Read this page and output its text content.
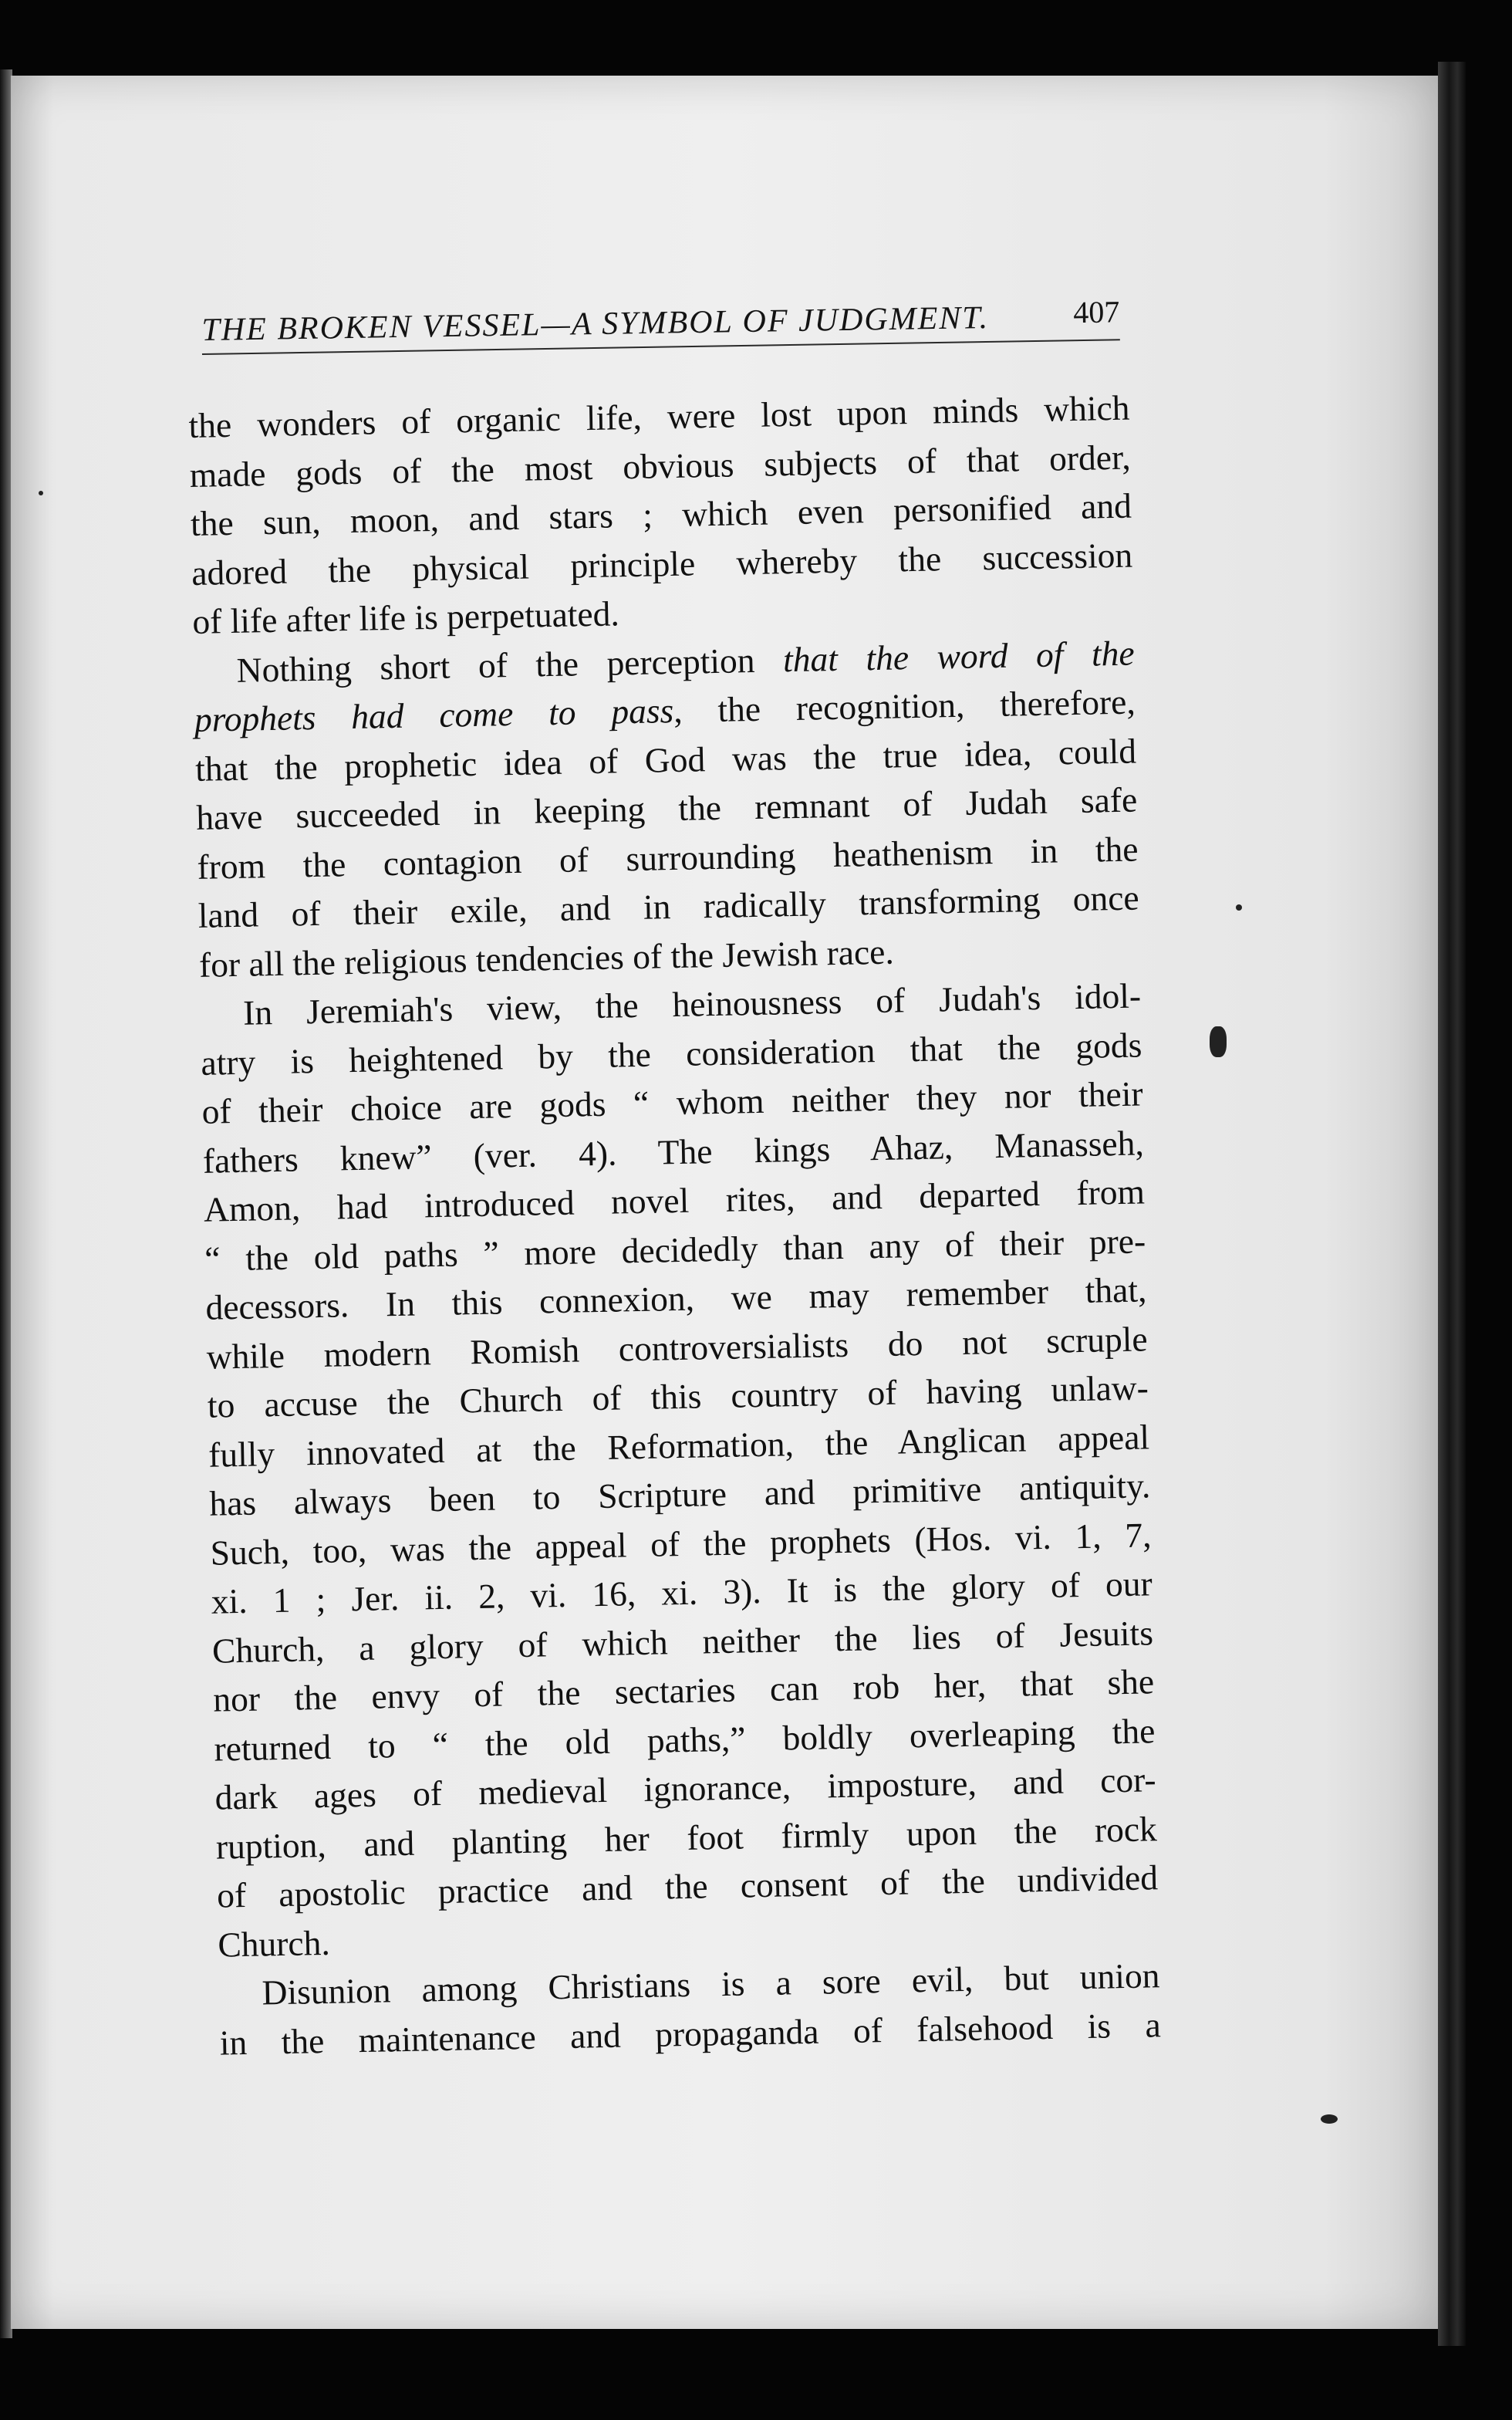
THE BROKEN VESSEL—A SYMBOL OF JUDGMENT.	407

the wonders of organic life, were lost upon minds which
made gods of the most obvious subjects of that order,
the sun, moon, and stars ; which even personified and
adored the physical principle whereby the succession
of life after life is perpetuated.

Nothing short of the perception that the word of the
prophets had come to pass, the recognition, therefore,
that the prophetic idea of God was the true idea, could
have succeeded in keeping the remnant of Judah safe
from the contagion of surrounding heathenism in the
land of their exile, and in radically transforming once
for all the religious tendencies of the Jewish race.

In Jeremiah's view, the heinousness of Judah's idol-
atry is heightened by the consideration that the gods
of their choice are gods “ whom neither they nor their
fathers knew” (ver. 4). The kings Ahaz, Manasseh,
Amon, had introduced novel rites, and departed from
“ the old paths ” more decidedly than any of their pre-
decessors. In this connexion, we may remember that,
while modern Romish controversialists do not scruple
to accuse the Church of this country of having unlaw-
fully innovated at the Reformation, the Anglican appeal
has always been to Scripture and primitive antiquity.
Such, too, was the appeal of the prophets (Hos. vi. 1, 7,
xi. 1 ; Jer. ii. 2, vi. 16, xi. 3). It is the glory of our
Church, a glory of which neither the lies of Jesuits
nor the envy of the sectaries can rob her, that she
returned to “ the old paths,” boldly overleaping the
dark ages of medieval ignorance, imposture, and cor-
ruption, and planting her foot firmly upon the rock
of apostolic practice and the consent of the undivided
Church.

Disunion among Christians is a sore evil, but union
in the maintenance and propaganda of falsehood is a
